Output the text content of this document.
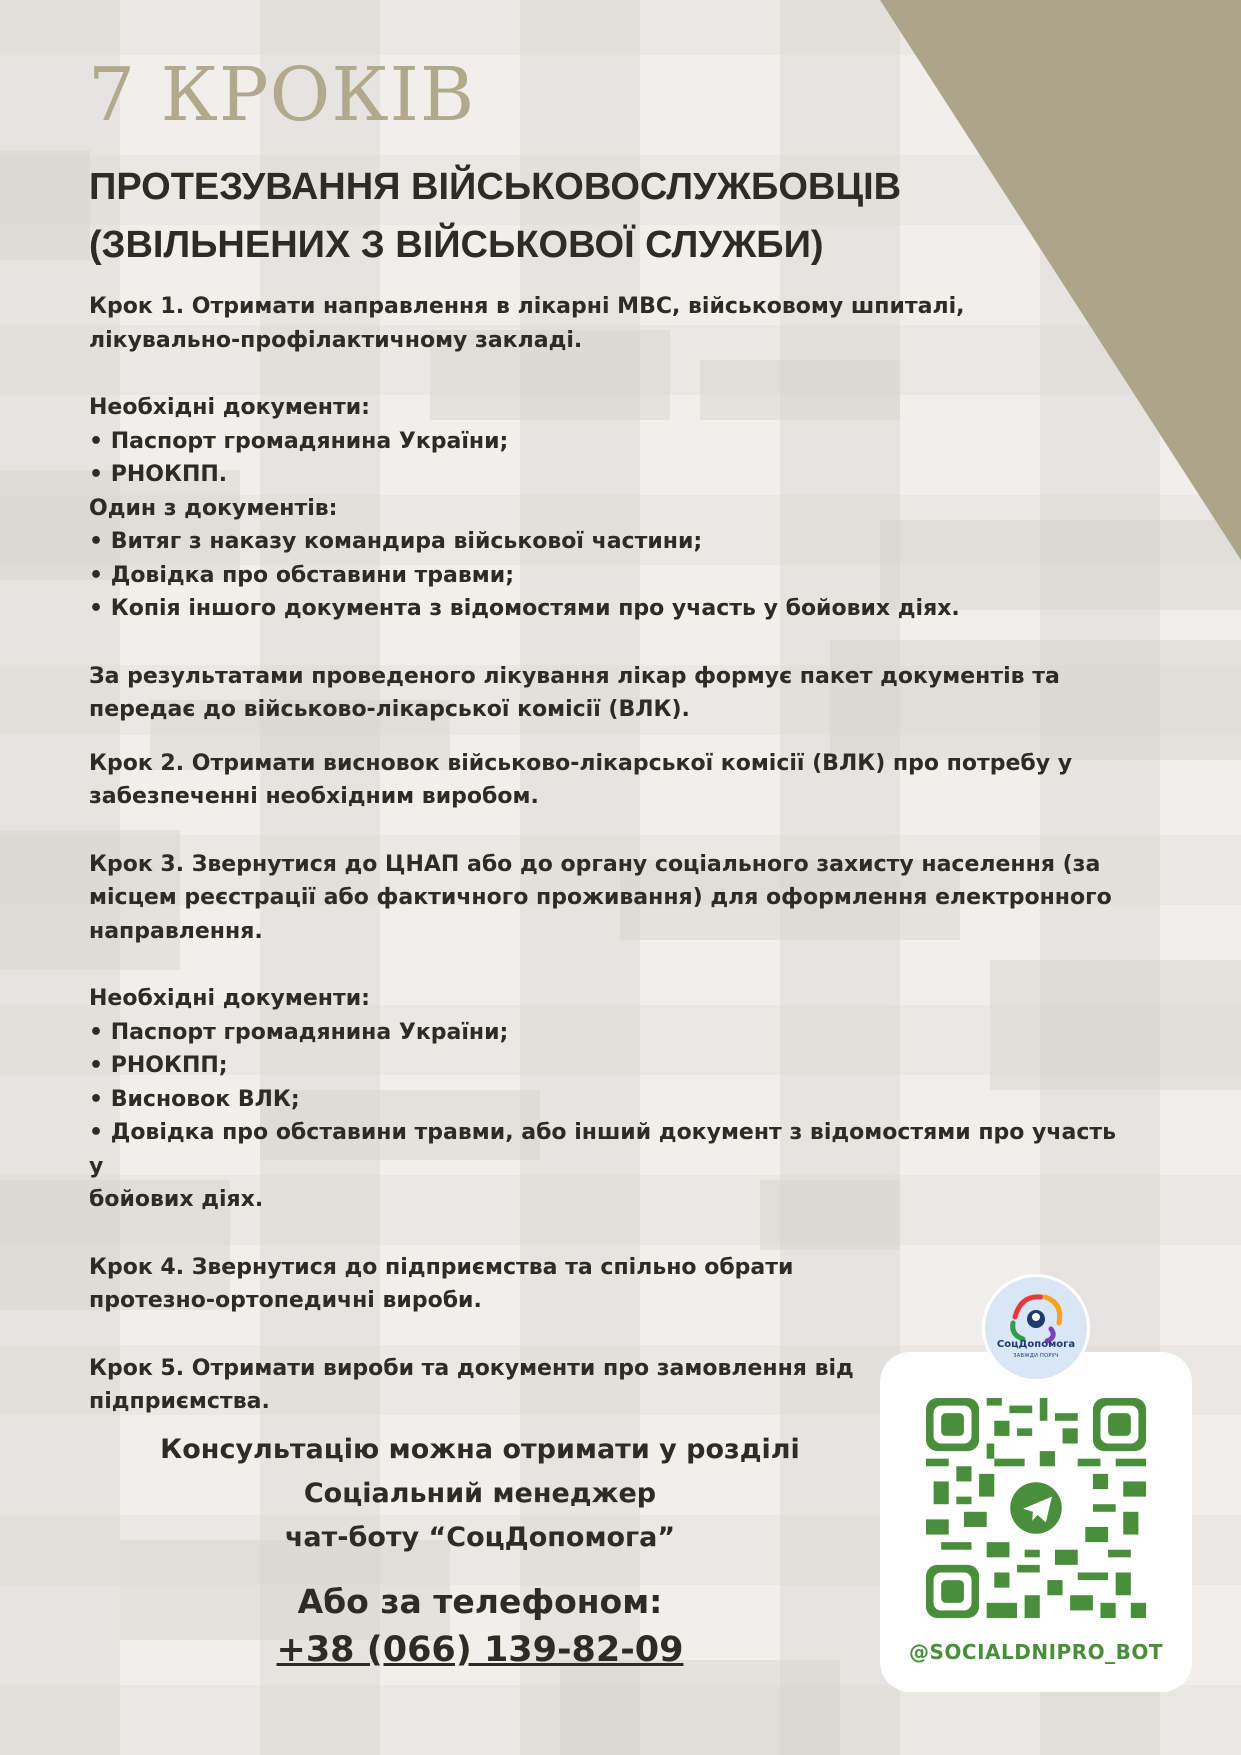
7 КРОКІВ
ПРОТЕЗУВАННЯ ВІЙСЬКОВОСЛУЖБОВЦІВ
(ЗВІЛЬНЕНИХ З ВІЙСЬКОВОЇ СЛУЖБИ)

Крок 1. Отримати направлення в лікарні МВС, військовому шпиталі,
лікувально-профілактичному закладі.

Необхідні документи:

• Паспорт громадянина України;

• РНОКПП.

Один з документів:

• Витяг з наказу командира військової частини;

• Довідка про обставини травми;

• Копія іншого документа з відомостями про участь у бойових діях.

За результатами проведеного лікування лікар формує пакет документів та
передає до військово-лікарської комісії (ВЛК).

Крок 2. Отримати висновок військово-лікарської комісії (ВЛК) про потребу у
забезпеченні необхідним виробом.

Крок 3. Звернутися до ЦНАП або до органу соціального захисту населення (за
місцем реєстрації або фактичного проживання) для оформлення електронного
направлення.

Необхідні документи:

• Паспорт громадянина України;

• РНОКПП;

• Висновок ВЛК;

• Довідка про обставини травми, або інший документ з відомостями про участь у

бойових діях.

Крок 4. Звернутися до підприємства та спільно обрати
протезно-ортопедичні вироби.

Крок 5. Отримати вироби та документи про замовлення від
підприємства.

Консультацію можна отримати у розділі
Соціальний менеджер
чат-боту “СоцДопомога”
Або за телефоном:
+38 (066) 139-82-09	@SOCIALDNIPRO_BOT
СоцДопомога
ЗАВЖДИ ПОРУЧ
